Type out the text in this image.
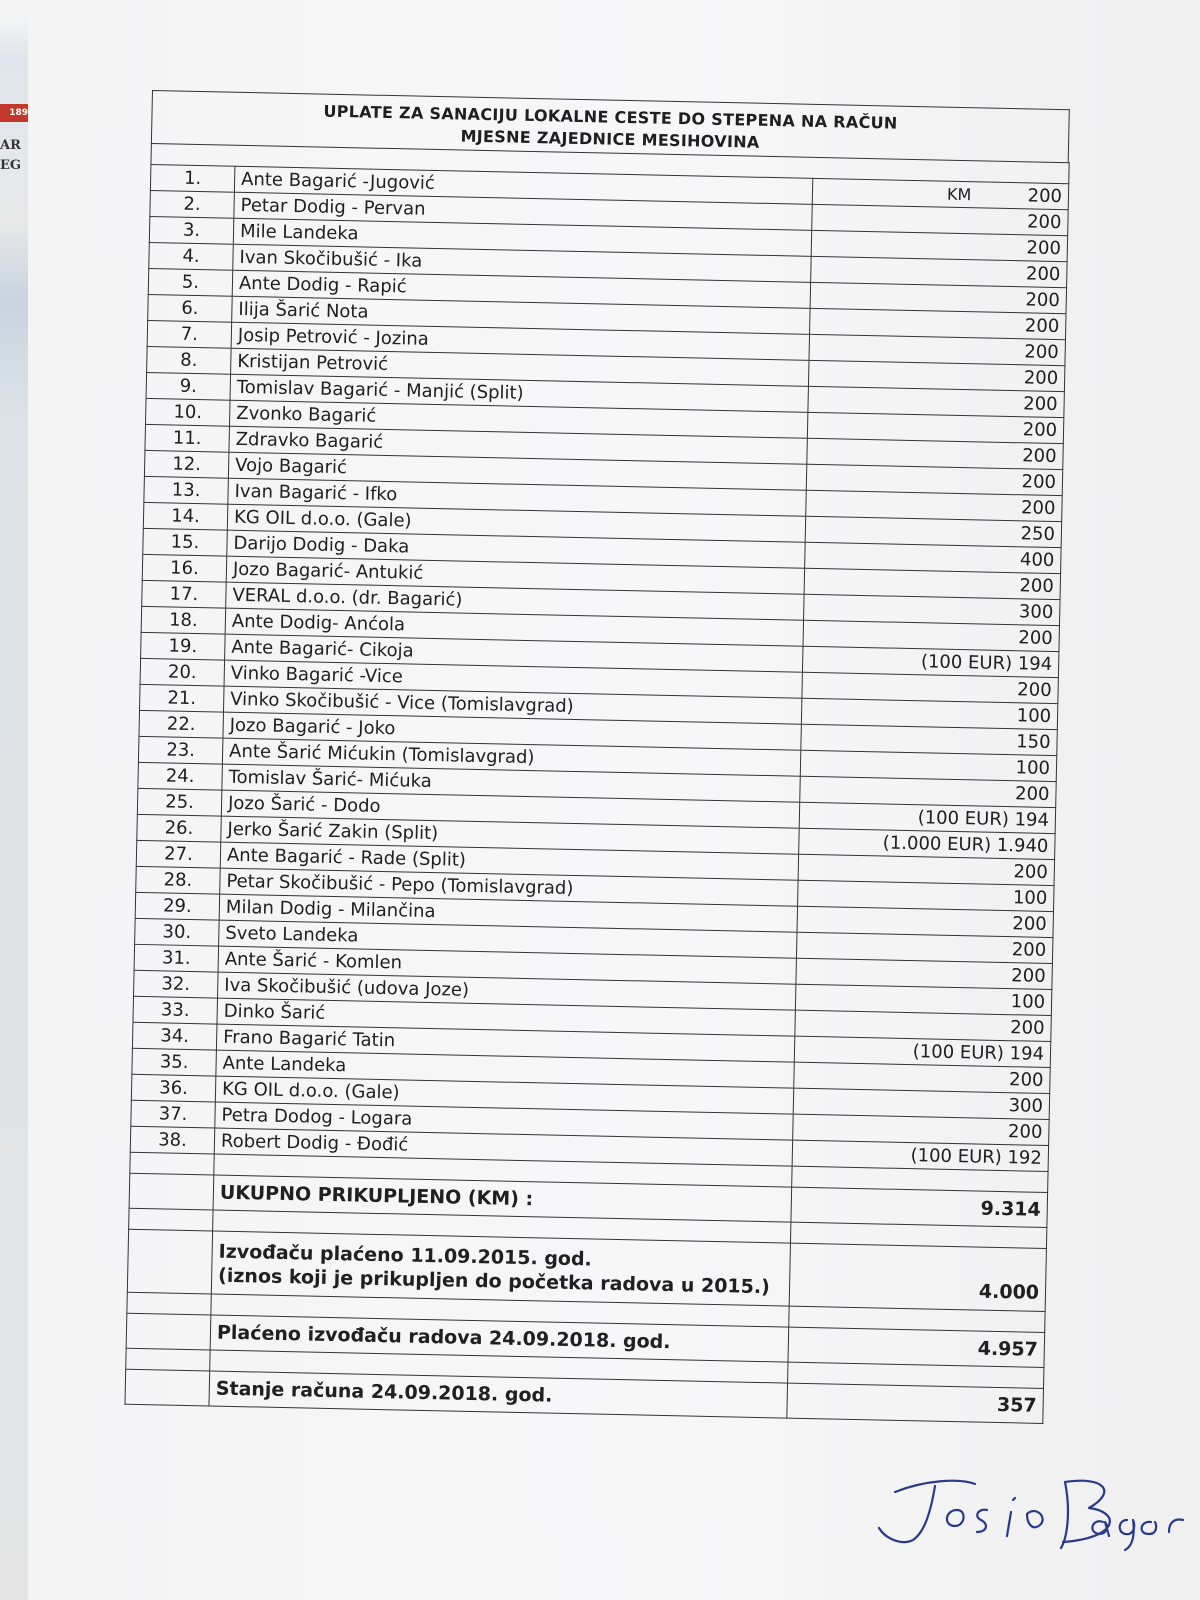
189
AR
EG
UPLATE ZA SANACIJU LOKALNE CESTE DO STEPENA NA RAČUN
MJESNE ZAJEDNICE MESIHOVINA

1.	Ante Bagarić -Jugović	KM 200
2.	Petar Dodig - Pervan	200
3.	Mile Landeka	200
4.	Ivan Skočibušić - Ika	200
5.	Ante Dodig - Rapić	200
6.	Ilija Šarić Nota	200
7.	Josip Petrović - Jozina	200
8.	Kristijan Petrović	200
9.	Tomislav Bagarić - Manjić (Split)	200
10.	Zvonko Bagarić	200
11.	Zdravko Bagarić	200
12.	Vojo Bagarić	200
13.	Ivan Bagarić - Ifko	200
14.	KG OIL d.o.o. (Gale)	250
15.	Darijo Dodig - Daka	400
16.	Jozo Bagarić- Antukić	200
17.	VERAL d.o.o. (dr. Bagarić)	300
18.	Ante Dodig- Anćola	200
19.	Ante Bagarić- Cikoja	(100 EUR) 194
20.	Vinko Bagarić -Vice	200
21.	Vinko Skočibušić - Vice (Tomislavgrad)	100
22.	Jozo Bagarić - Joko	150
23.	Ante Šarić Mićukin (Tomislavgrad)	100
24.	Tomislav Šarić- Mićuka	200
25.	Jozo Šarić - Dodo	(100 EUR) 194
26.	Jerko Šarić Zakin (Split)	(1.000 EUR) 1.940
27.	Ante Bagarić - Rade (Split)	200
28.	Petar Skočibušić - Pepo (Tomislavgrad)	100
29.	Milan Dodig - Milančina	200
30.	Sveto Landeka	200
31.	Ante Šarić - Komlen	200
32.	Iva Skočibušić (udova Joze)	100
33.	Dinko Šarić	200
34.	Frano Bagarić Tatin	(100 EUR) 194
35.	Ante Landeka	200
36.	KG OIL d.o.o. (Gale)	300
37.	Petra Dodog - Logara	200
38.	Robert Dodig - Đođić	(100 EUR) 192

	UKUPNO PRIKUPLJENO (KM) :	9.314

	Izvođaču plaćeno 11.09.2015. god.
(iznos koji je prikupljen do početka radova u 2015.)	4.000

	Plaćeno izvođaču radova 24.09.2018. god.	4.957

	Stanje računa 24.09.2018. god.	357
